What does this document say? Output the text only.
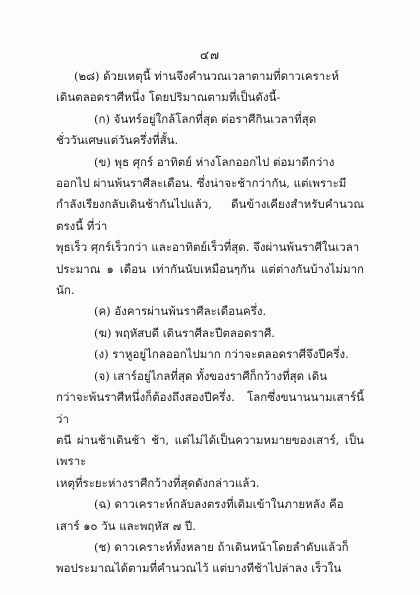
๔๗

(๒๘) ด้วยเหตุนี้ ท่านจึงคำนวณเวลาตามที่ดาวเคราะห์

เดินตลอดราศีหนึ่ง โดยปริมาณตามที่เป็นดังนี้-

(ก) จันทร์อยู่ใกล้โลกที่สุด ต่อราศีกินเวลาที่สุด

ชั่ววันเศษแต่วันครึ่งที่สั้น.

(ข) พุธ ศุกร์ อาทิตย์ ห่างโลกออกไป ต่อมาดีกว่าง

ออกไป ผ่านพ้นราศีละเดือน. ซึ่งน่าจะช้ากว่ากัน, แต่เพราะมี

กำลังเรียงกลับเดินช้ากันไปแล้ว, ดีนข้างเคียงสำหรับคำนวณตรงนี้ ที่ว่า

พุธเร็ว ศุกร์เร็วกว่า และอาทิตย์เร็วที่สุด. จึงผ่านพ้นราศีในเวลา

ประมาณ ๑ เดือน เท่ากันนับเหมือนๆกัน แต่ต่างกันบ้างไม่มากนัก.

(ค) อังคารผ่านพ้นราศีละเดือนครึ่ง.

(ฆ) พฤหัสบดี เดินราศีละปีตลอดราศี.

(ง) ราหูอยู่ไกลออกไปมาก กว่าจะตลอดราศีจึงปีครึ่ง.

(จ) เสาร์อยู่ไกลที่สุด ทั้งของราศีก็กว้างที่สุด เดิน

กว่าจะพ้นราศีหนึ่งก็ต้องถึงสองปีครึ่ง. โลกซึ่งขนานนามเสาร์นี้ว่า

ตนี ผ่านช้าเดินช้า ช้า, แต่ไม่ได้เป็นความหมายของเสาร์, เป็นเพราะ

เหตุที่ระยะห่างราศีกว้างที่สุดดังกล่าวแล้ว.

(ฉ) ดาวเคราะห์กลับลงตรงที่เดิมเข้าในภายหลัง คือ

เสาร์ ๑๐ วัน และพฤหัส ๗ ปี.

(ช) ดาวเคราะห์ทั้งหลาย ถ้าเดินหน้าโดยลำดับแล้วก็

พอประมาณได้ตามที่คำนวณไว้ แต่บางทีช้าไปล่าลง เร็วใน
